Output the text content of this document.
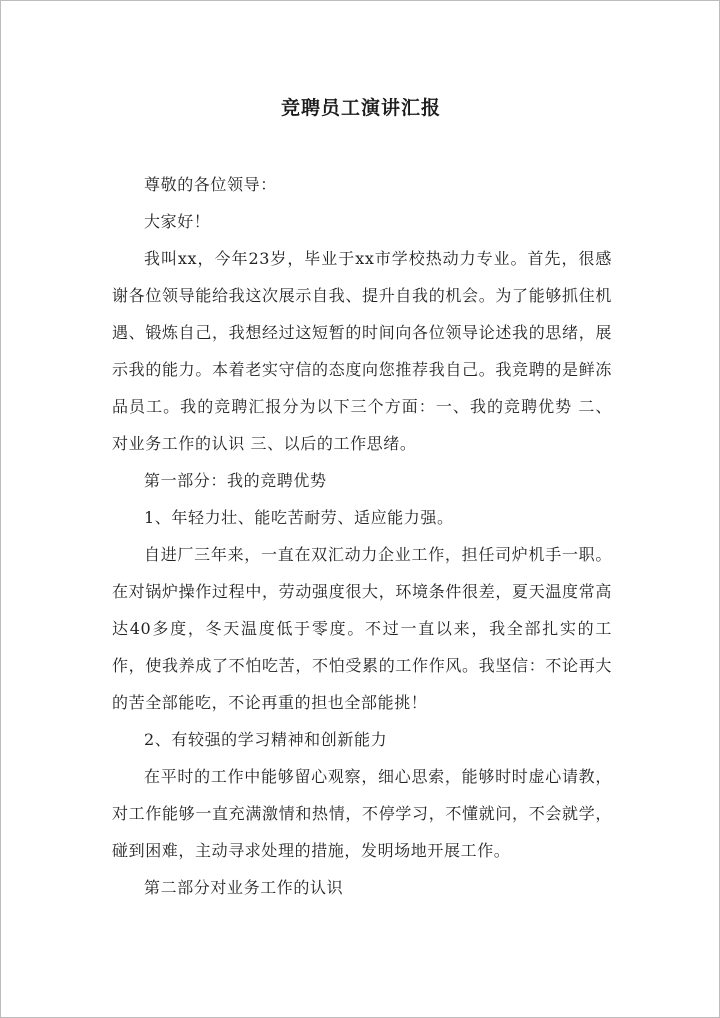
竞聘员工演讲汇报

尊敬的各位领导：

大家好！

我叫xx，今年23岁，毕业于xx市学校热动力专业。首先，很感谢各位领导能给我这次展示自我、提升自我的机会。为了能够抓住机遇、锻炼自己，我想经过这短暂的时间向各位领导论述我的思绪，展示我的能力。本着老实守信的态度向您推荐我自己。我竞聘的是鲜冻品员工。我的竞聘汇报分为以下三个方面：一、我的竞聘优势 二、对业务工作的认识 三、以后的工作思绪。

第一部分：我的竞聘优势

1、年轻力壮、能吃苦耐劳、适应能力强。

自进厂三年来，一直在双汇动力企业工作，担任司炉机手一职。在对锅炉操作过程中，劳动强度很大，环境条件很差，夏天温度常高达40多度，冬天温度低于零度。不过一直以来，我全部扎实的工作，使我养成了不怕吃苦，不怕受累的工作作风。我坚信：不论再大的苦全部能吃，不论再重的担也全部能挑！

2、有较强的学习精神和创新能力

在平时的工作中能够留心观察，细心思索，能够时时虚心请教，对工作能够一直充满激情和热情，不停学习，不懂就问，不会就学，碰到困难，主动寻求处理的措施，发明场地开展工作。

第二部分对业务工作的认识
